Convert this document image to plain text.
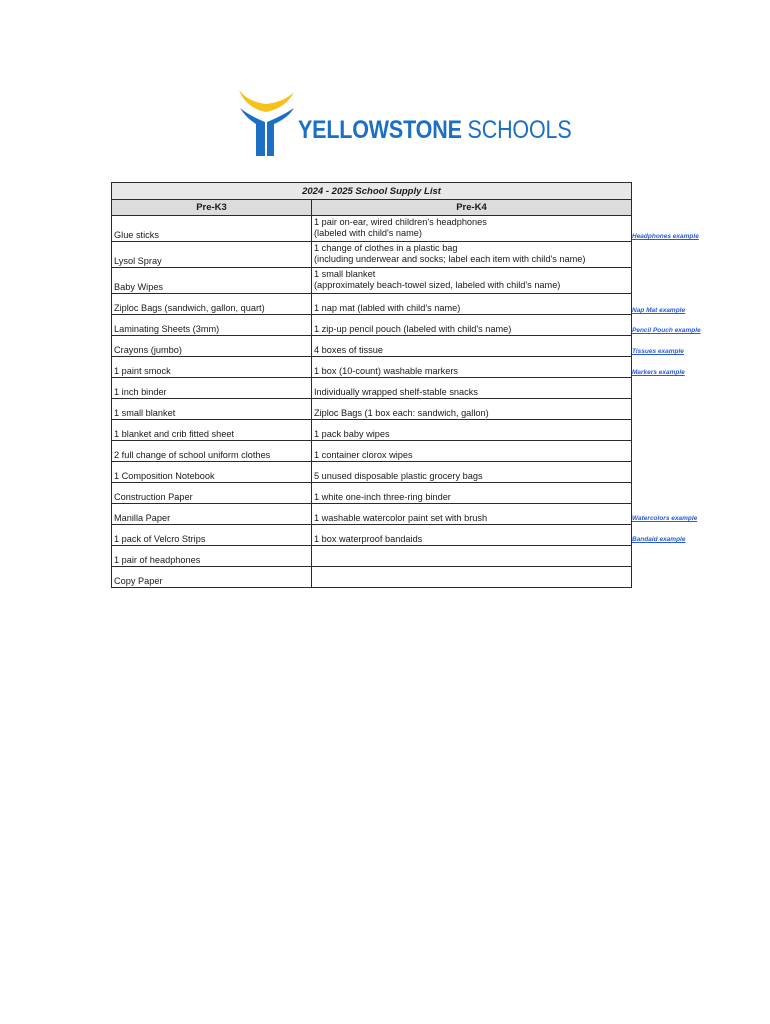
YELLOWSTONE SCHOOLS
2024 - 2025 School Supply List	
Pre-K3	Pre-K4
Glue sticks	1 pair on-ear, wired children's headphones
(labeled with child's name)

Lysol Spray	1 change of clothes in a plastic bag
(including underwear and socks; label each item with child's name)

Baby Wipes	1 small blanket
(approximately beach-towel sized, labeled with child's name)

Ziploc Bags (sandwich, gallon, quart)	1 nap mat (labled with child's name)
Laminating Sheets (3mm)	1 zip-up pencil pouch (labeled with child's name)
Crayons (jumbo)	4 boxes of tissue
1 paint smock	1 box (10-count) washable markers
1 inch binder	Individually wrapped shelf-stable snacks
1 small blanket	Ziploc Bags (1 box each: sandwich, gallon)
1 blanket and crib fitted sheet	1 pack baby wipes
2 full change of school uniform clothes	1 container clorox wipes
1 Composition Notebook	5 unused disposable plastic grocery bags
Construction Paper	1 white one-inch three-ring binder
Manilla Paper	1 washable watercolor paint set with brush
1 pack of Velcro Strips	1 box waterproof bandaids
1 pair of headphones	
Copy Paper	
Headphones example
Nap Mat example
Pencil Pouch example
Tissues example
Markers example
Watercolors example
Bandaid example
